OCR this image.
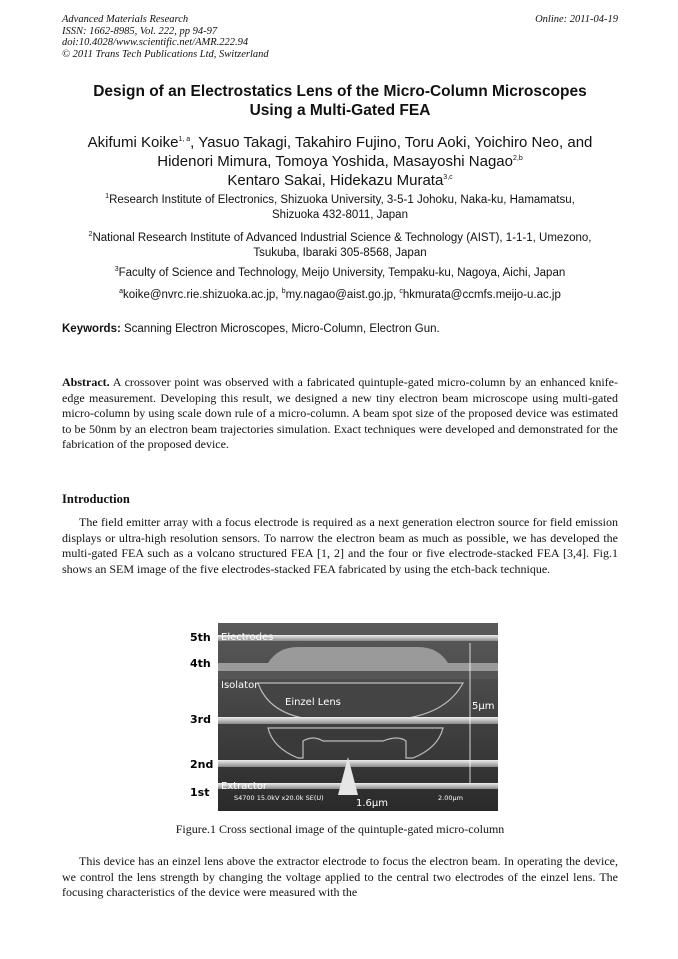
Advanced Materials Research
ISSN: 1662-8985, Vol. 222, pp 94-97
doi:10.4028/www.scientific.net/AMR.222.94
© 2011 Trans Tech Publications Ltd, Switzerland
Online: 2011-04-19
Design of an Electrostatics Lens of the Micro-Column Microscopes
Using a Multi-Gated FEA
Akifumi Koike$^{1, a}$, Yasuo Takagi, Takahiro Fujino, Toru Aoki, Yoichiro Neo, and
Hidenori Mimura, Tomoya Yoshida, Masayoshi Nagao$^{2,b}$
Kentaro Sakai, Hidekazu Murata$^{3,c}$
$^1$Research Institute of Electronics, Shizuoka University, 3-5-1 Johoku, Naka-ku, Hamamatsu,
Shizuoka 432-8011, Japan
$^2$National Research Institute of Advanced Industrial Science & Technology (AIST), 1-1-1, Umezono,
Tsukuba, Ibaraki 305-8568, Japan
$^3$Faculty of Science and Technology, Meijo University, Tempaku-ku, Nagoya, Aichi, Japan
$^a$koike@nvrc.rie.shizuoka.ac.jp, $^b$my.nagao@aist.go.jp, $^c$hkmurata@ccmfs.meijo-u.ac.jp
Keywords: Scanning Electron Microscopes, Micro-Column, Electron Gun.
Abstract. A crossover point was observed with a fabricated quintuple-gated micro-column by an enhanced knife-edge measurement. Developing this result, we designed a new tiny electron beam microscope using multi-gated micro-column by using scale down rule of a micro-column. A beam spot size of the proposed device was estimated to be 50nm by an electron beam trajectories simulation. Exact techniques were developed and demonstrated for the fabrication of the proposed device.
Introduction
The field emitter array with a focus electrode is required as a next generation electron source for field emission displays or ultra-high resolution sensors. To narrow the electron beam as much as possible, we has developed the multi-gated FEA such as a volcano structured FEA [1, 2] and the four or five electrode-stacked FEA [3,4]. Fig.1 shows an SEM image of the five electrodes-stacked FEA fabricated by using the etch-back technique.
5th
4th
3rd
2nd
1st
Electrodes
Isolator
Einzel Lens
Extractor
5μm
1.6μm
S4700 15.0kV x20.0k SE(U)	2.00μm
Figure.1 Cross sectional image of the quintuple-gated micro-column
This device has an einzel lens above the extractor electrode to focus the electron beam. In operating the device, we control the lens strength by changing the voltage applied to the central two electrodes of the einzel lens. The focusing characteristics of the device were measured with the
